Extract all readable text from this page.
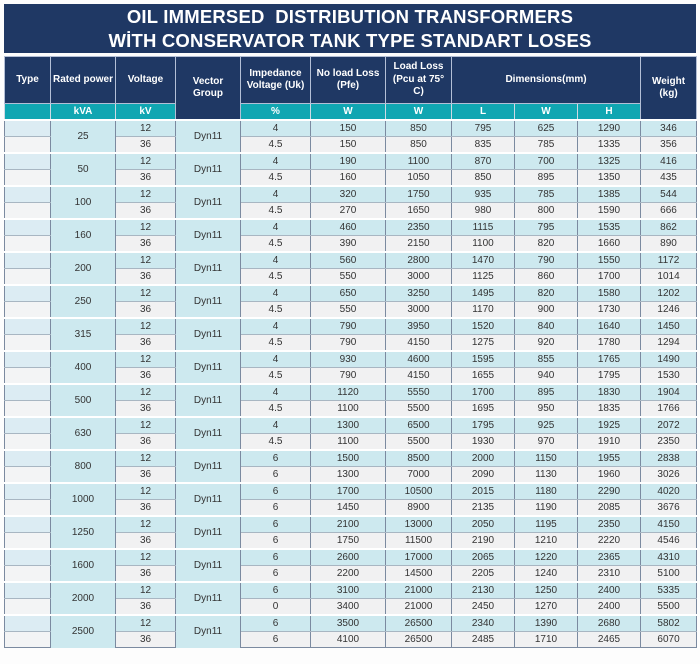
OIL IMMERSED  DISTRIBUTION TRANSFORMERS
WİTH CONSERVATOR TANK TYPE STANDART LOSES
Type	Rated power	Voltage	Vector Group	Impedance Voltage (Uk)	No load Loss (Pfe)	Load Loss (Pcu at 75° C)	Dimensions(mm)			Weight (kg)
	kVA	kV		%	W	W	L	W	H	
	25	12	Dyn11	4	150	850	795	625	1290	346
		36		4.5	150	850	835	785	1335	356
	50	12	Dyn11	4	190	1100	870	700	1325	416
		36		4.5	160	1050	850	895	1350	435
	100	12	Dyn11	4	320	1750	935	785	1385	544
		36		4.5	270	1650	980	800	1590	666
	160	12	Dyn11	4	460	2350	1115	795	1535	862
		36		4.5	390	2150	1100	820	1660	890
	200	12	Dyn11	4	560	2800	1470	790	1550	1172
		36		4.5	550	3000	1125	860	1700	1014
	250	12	Dyn11	4	650	3250	1495	820	1580	1202
		36		4.5	550	3000	1170	900	1730	1246
	315	12	Dyn11	4	790	3950	1520	840	1640	1450
		36		4.5	790	4150	1275	920	1780	1294
	400	12	Dyn11	4	930	4600	1595	855	1765	1490
		36		4.5	790	4150	1655	940	1795	1530
	500	12	Dyn11	4	1120	5550	1700	895	1830	1904
		36		4.5	1100	5500	1695	950	1835	1766
	630	12	Dyn11	4	1300	6500	1795	925	1925	2072
		36		4.5	1100	5500	1930	970	1910	2350
	800	12	Dyn11	6	1500	8500	2000	1150	1955	2838
		36		6	1300	7000	2090	1130	1960	3026
	1000	12	Dyn11	6	1700	10500	2015	1180	2290	4020
		36		6	1450	8900	2135	1190	2085	3676
	1250	12	Dyn11	6	2100	13000	2050	1195	2350	4150
		36		6	1750	11500	2190	1210	2220	4546
	1600	12	Dyn11	6	2600	17000	2065	1220	2365	4310
		36		6	2200	14500	2205	1240	2310	5100
	2000	12	Dyn11	6	3100	21000	2130	1250	2400	5335
		36		0	3400	21000	2450	1270	2400	5500
	2500	12	Dyn11	6	3500	26500	2340	1390	2680	5802
		36		6	4100	26500	2485	1710	2465	6070
